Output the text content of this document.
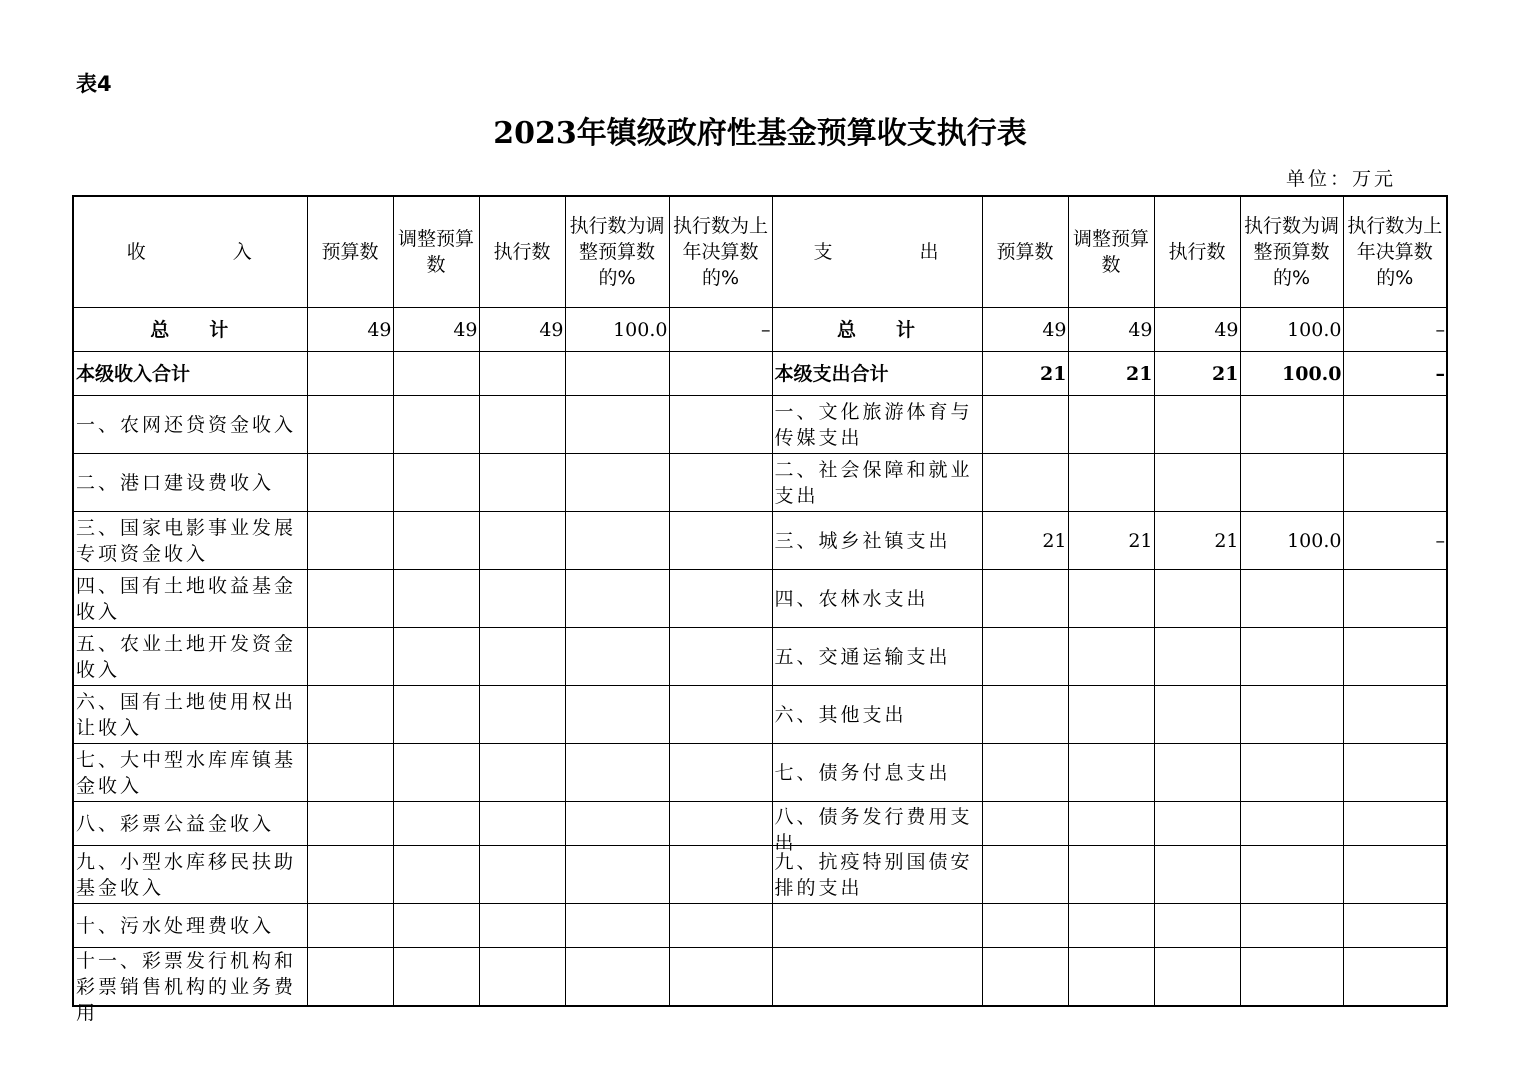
表4
2023年镇级政府性基金预算收支执行表
单位：万元
收　入	预算数	调整预算数	执行数	执行数为调整预算数的%	执行数为上年决算数的%	支　出	预算数	调整预算数	执行数	执行数为调整预算数的%	执行数为上年决算数的%
总计	49	49	49	100.0	–	总计	49	49	49	100.0	–
本级收入合计						本级支出合计	21	21	21	100.0	–
一、农网还贷资金收入						一、文化旅游体育与传媒支出					
二、港口建设费收入						二、社会保障和就业支出					
三、国家电影事业发展专项资金收入						三、城乡社镇支出	21	21	21	100.0	–
四、国有土地收益基金收入						四、农林水支出					
五、农业土地开发资金收入						五、交通运输支出					
六、国有土地使用权出让收入						六、其他支出					
七、大中型水库库镇基金收入						七、债务付息支出					
八、彩票公益金收入						八、债务发行费用支出					

九、小型水库移民扶助基金收入						九、抗疫特别国债安排的支出					
十、污水处理费收入											

十一、彩票发行机构和彩票销售机构的业务费用											
